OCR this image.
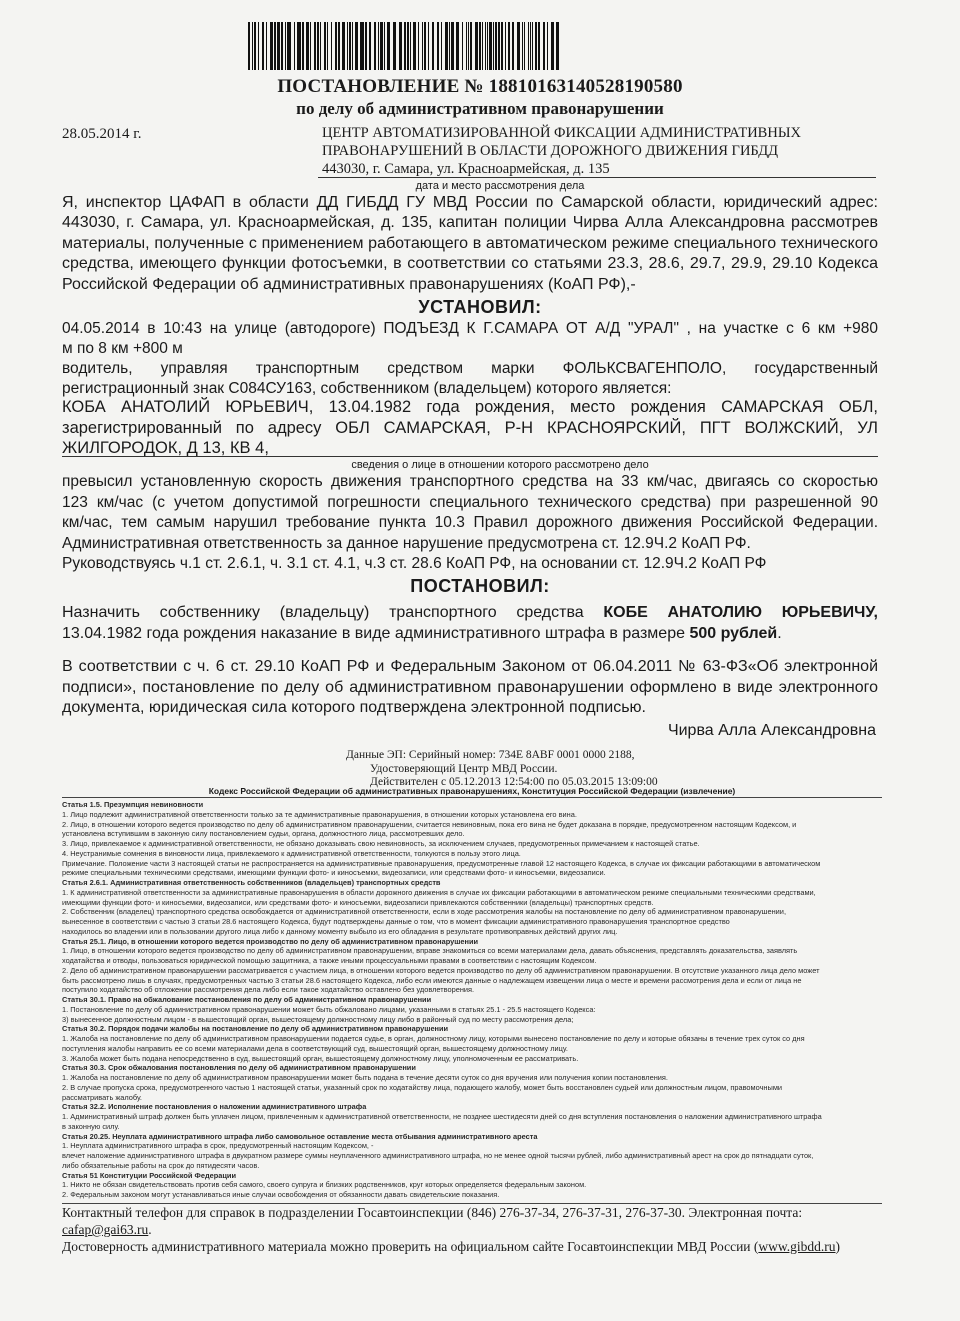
ПОСТАНОВЛЕНИЕ № 18810163140528190580
по делу об административном правонарушении
28.05.2014 г.	ЦЕНТР АВТОМАТИЗИРОВАННОЙ ФИКСАЦИИ АДМИНИСТРАТИВНЫХ
ПРАВОНАРУШЕНИЙ В ОБЛАСТИ ДОРОЖНОГО ДВИЖЕНИЯ ГИБДД
443030, г. Самара, ул. Красноармейская, д. 135
дата и место рассмотрения дела
Я, инспектор ЦАФАП в области ДД ГИБДД ГУ МВД России по Самарской области, юридический адрес:
443030, г. Самара, ул. Красноармейская, д. 135, капитан полиции Чирва Алла Александровна рассмотрев
материалы, полученные с применением работающего в автоматическом режиме специального технического
средства, имеющего функции фотосъемки, в соответствии со статьями 23.3, 28.6, 29.7, 29.9, 29.10 Кодекса
Российской Федерации об административных правонарушениях (КоАП РФ),-
УСТАНОВИЛ:
04.05.2014 в 10:43 на улице (автодороге) ПОДЪЕЗД К Г.САМАРА ОТ А/Д "УРАЛ" , на участке с 6 км +980
м по 8 км +800 м
водитель, управляя транспортным средством марки ФОЛЬКСВАГЕНПОЛО, государственный
регистрационный знак С084СУ163, собственником (владельцем) которого является:
КОБА АНАТОЛИЙ ЮРЬЕВИЧ, 13.04.1982 года рождения, место рождения САМАРСКАЯ ОБЛ,
зарегистрированный по адресу ОБЛ САМАРСКАЯ, Р-Н КРАСНОЯРСКИЙ, ПГТ ВОЛЖСКИЙ, УЛ
ЖИЛГОРОДОК, Д 13, КВ 4,
сведения о лице в отношении которого рассмотрено дело
превысил установленную скорость движения транспортного средства на 33 км/час, двигаясь со скоростью
123 км/час (с учетом допустимой погрешности специального технического средства) при разрешенной 90
км/час, тем самым нарушил требование пункта 10.3 Правил дорожного движения Российской Федерации.
Административная ответственность за данное нарушение предусмотрена ст. 12.9Ч.2 КоАП РФ.
Руководствуясь ч.1 ст. 2.6.1, ч. 3.1 ст. 4.1, ч.3 ст. 28.6 КоАП РФ, на основании ст. 12.9Ч.2 КоАП РФ
ПОСТАНОВИЛ:
Назначить собственнику (владельцу) транспортного средства КОБЕ АНАТОЛИЮ ЮРЬЕВИЧУ,
13.04.1982 года рождения наказание в виде административного штрафа в размере 500 рублей.
В соответствии с ч. 6 ст. 29.10 КоАП РФ и Федеральным Законом от 06.04.2011 № 63-ФЗ«Об электронной
подписи», постановление по делу об административном правонарушении оформлено в виде электронного
документа, юридическая сила которого подтверждена электронной подписью.
Чирва Алла Александровна
Данные ЭП: Серийный номер: 734E 8ABF 0001 0000 2188,
Удостоверяющий Центр МВД России.
Действителен с 05.12.2013 12:54:00 по 05.03.2015 13:09:00
Кодекс Российской Федерации об административных правонарушениях, Конституция Российской Федерации (извлечение)
Статья 1.5. Презумпция невиновности
1. Лицо подлежит административной ответственности только за те административные правонарушения, в отношении которых установлена его вина.
2. Лицо, в отношении которого ведется производство по делу об административном правонарушении, считается невиновным, пока его вина не будет доказана в порядке, предусмотренном настоящим Кодексом, и
установлена вступившим в законную силу постановлением судьи, органа, должностного лица, рассмотревших дело.
3. Лицо, привлекаемое к административной ответственности, не обязано доказывать свою невиновность, за исключением случаев, предусмотренных примечанием к настоящей статье.
4. Неустранимые сомнения в виновности лица, привлекаемого к административной ответственности, толкуются в пользу этого лица.
Примечание. Положение части 3 настоящей статьи не распространяется на административные правонарушения, предусмотренные главой 12 настоящего Кодекса, в случае их фиксации работающими в автоматическом
режиме специальными техническими средствами, имеющими функции фото- и киносъемки, видеозаписи, или средствами фото- и киносъемки, видеозаписи.
Статья 2.6.1. Административная ответственность собственников (владельцев) транспортных средств
1. К административной ответственности за административные правонарушения в области дорожного движения в случае их фиксации работающими в автоматическом режиме специальными техническими средствами,
имеющими функции фото- и киносъемки, видеозаписи, или средствами фото- и киносъемки, видеозаписи привлекаются собственники (владельцы) транспортных средств.
2. Собственник (владелец) транспортного средства освобождается от административной ответственности, если в ходе рассмотрения жалобы на постановление по делу об административном правонарушении,
вынесенное в соответствии с частью 3 статьи 28.6 настоящего Кодекса, будут подтверждены данные о том, что в момент фиксации административного правонарушения транспортное средство
находилось во владении или в пользовании другого лица либо к данному моменту выбыло из его обладания в результате противоправных действий других лиц.
Статья 25.1. Лицо, в отношении которого ведется производство по делу об административном правонарушении
1. Лицо, в отношении которого ведется производство по делу об административном правонарушении, вправе знакомиться со всеми материалами дела, давать объяснения, представлять доказательства, заявлять
ходатайства и отводы, пользоваться юридической помощью защитника, а также иными процессуальными правами в соответствии с настоящим Кодексом.
2. Дело об административном правонарушении рассматривается с участием лица, в отношении которого ведется производство по делу об административном правонарушении. В отсутствие указанного лица дело может
быть рассмотрено лишь в случаях, предусмотренных частью 3 статьи 28.6 настоящего Кодекса, либо если имеются данные о надлежащем извещении лица о месте и времени рассмотрения дела и если от лица не
поступило ходатайство об отложении рассмотрения дела либо если такое ходатайство оставлено без удовлетворения.
Статья 30.1. Право на обжалование постановления по делу об административном правонарушении
1. Постановление по делу об административном правонарушении может быть обжаловано лицами, указанными в статьях 25.1 - 25.5 настоящего Кодекса:
3) вынесенное должностным лицом - в вышестоящий орган, вышестоящему должностному лицу либо в районный суд по месту рассмотрения дела;
Статья 30.2. Порядок подачи жалобы на постановление по делу об административном правонарушении
1. Жалоба на постановление по делу об административном правонарушении подается судье, в орган, должностному лицу, которыми вынесено постановление по делу и которые обязаны в течение трех суток со дня
поступления жалобы направить ее со всеми материалами дела в соответствующий суд, вышестоящий орган, вышестоящему должностному лицу.
3. Жалоба может быть подана непосредственно в суд, вышестоящий орган, вышестоящему должностному лицу, уполномоченным ее рассматривать.
Статья 30.3. Срок обжалования постановления по делу об административном правонарушении
1. Жалоба на постановление по делу об административном правонарушении может быть подана в течение десяти суток со дня вручения или получения копии постановления.
2. В случае пропуска срока, предусмотренного частью 1 настоящей статьи, указанный срок по ходатайству лица, подающего жалобу, может быть восстановлен судьей или должностным лицом, правомочными
рассматривать жалобу.
Статья 32.2. Исполнение постановления о наложении административного штрафа
1. Административный штраф должен быть уплачен лицом, привлеченным к административной ответственности, не позднее шестидесяти дней со дня вступления постановления о наложении административного штрафа
в законную силу.
Статья 20.25. Неуплата административного штрафа либо самовольное оставление места отбывания административного ареста
1. Неуплата административного штрафа в срок, предусмотренный настоящим Кодексом, -
влечет наложение административного штрафа в двукратном размере суммы неуплаченного административного штрафа, но не менее одной тысячи рублей, либо административный арест на срок до пятнадцати суток,
либо обязательные работы на срок до пятидесяти часов.
Статья 51 Конституции Российской Федерации
1. Никто не обязан свидетельствовать против себя самого, своего супруга и близких родственников, круг которых определяется федеральным законом.
2. Федеральным законом могут устанавливаться иные случаи освобождения от обязанности давать свидетельские показания.
Контактный телефон для справок в подразделении Госавтоинспекции (846) 276-37-34, 276-37-31, 276-37-30. Электронная почта: cafap@gai63.ru.
Достоверность административного материала можно проверить на официальном сайте Госавтоинспекции МВД России (www.gibdd.ru)
